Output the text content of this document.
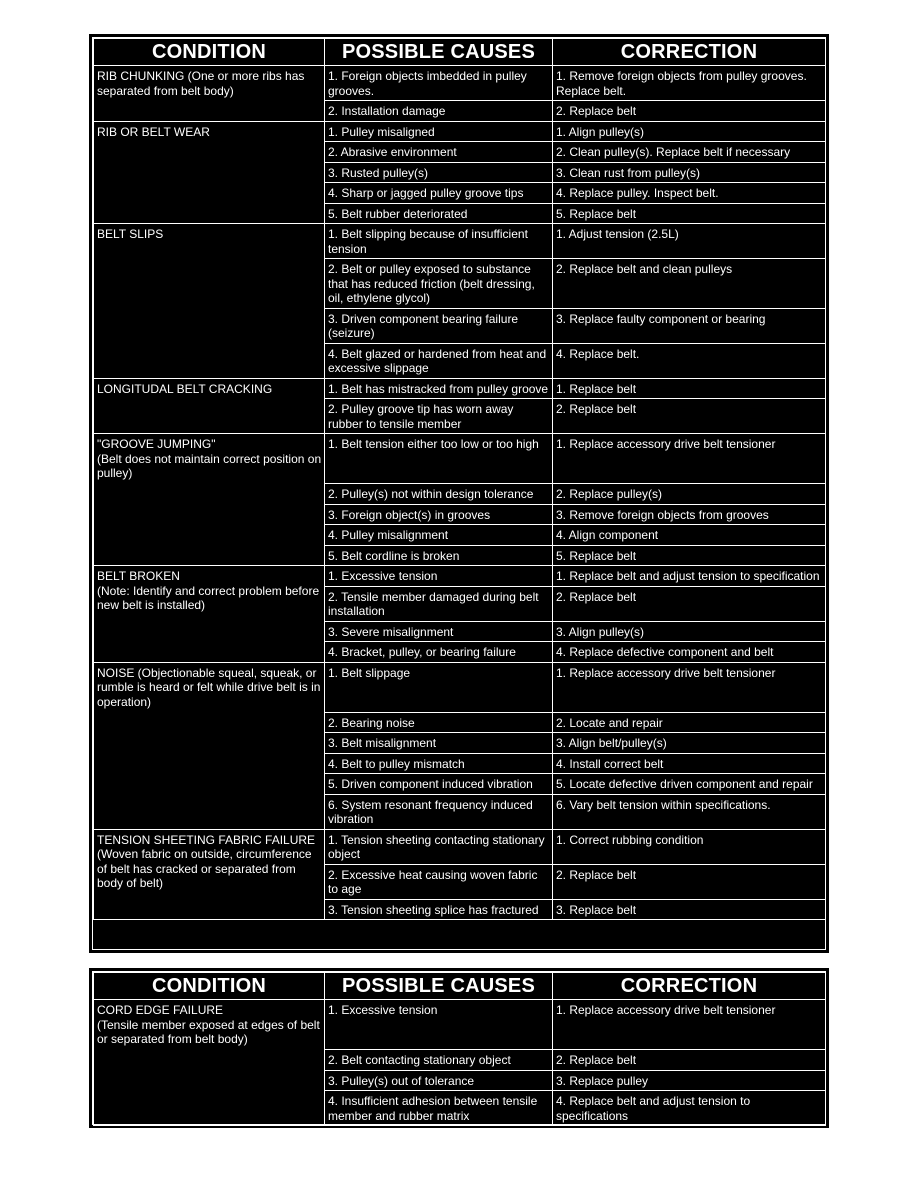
CONDITION	POSSIBLE CAUSES	CORRECTION
RIB CHUNKING (One or more ribs has separated from belt body)	1. Foreign objects imbedded in pulley grooves.	1. Remove foreign objects from pulley grooves. Replace belt.
	2. Installation damage	2. Replace belt
RIB OR BELT WEAR	1. Pulley misaligned	1. Align pulley(s)
	2. Abrasive environment	2. Clean pulley(s). Replace belt if necessary
	3. Rusted pulley(s)	3. Clean rust from pulley(s)
	4. Sharp or jagged pulley groove tips	4. Replace pulley. Inspect belt.
	5. Belt rubber deteriorated	5. Replace belt
BELT SLIPS	1. Belt slipping because of insufficient tension	1. Adjust tension (2.5L)
	2. Belt or pulley exposed to substance that has reduced friction (belt dressing, oil, ethylene glycol)	2. Replace belt and clean pulleys
	3. Driven component bearing failure (seizure)	3. Replace faulty component or bearing
	4. Belt glazed or hardened from heat and excessive slippage	4. Replace belt.
LONGITUDAL BELT CRACKING	1. Belt has mistracked from pulley groove	1. Replace belt
	2. Pulley groove tip has worn away rubber to tensile member	2. Replace belt
"GROOVE JUMPING"
(Belt does not maintain correct position on pulley)	1. Belt tension either too low or too high	1. Replace accessory drive belt tensioner
	2. Pulley(s) not within design tolerance	2. Replace pulley(s)
	3. Foreign object(s) in grooves	3. Remove foreign objects from grooves
	4. Pulley misalignment	4. Align component
	5. Belt cordline is broken	5. Replace belt
BELT BROKEN
(Note: Identify and correct problem before new belt is installed)	1. Excessive tension	1. Replace belt and adjust tension to specification
	2. Tensile member damaged during belt installation	2. Replace belt
	3. Severe misalignment	3. Align pulley(s)
	4. Bracket, pulley, or bearing failure	4. Replace defective component and belt
NOISE (Objectionable squeal, squeak, or rumble is heard or felt while drive belt is in operation)	1. Belt slippage	1. Replace accessory drive belt tensioner
	2. Bearing noise	2. Locate and repair
	3. Belt misalignment	3. Align belt/pulley(s)
	4. Belt to pulley mismatch	4. Install correct belt
	5. Driven component induced vibration	5. Locate defective driven component and repair
	6. System resonant frequency induced vibration	6. Vary belt tension within specifications.
TENSION SHEETING FABRIC FAILURE (Woven fabric on outside, circumference of belt has cracked or separated from body of belt)	1. Tension sheeting contacting stationary object	1. Correct rubbing condition
	2. Excessive heat causing woven fabric to age	2. Replace belt
	3. Tension sheeting splice has fractured	3. Replace belt
CONDITION	POSSIBLE CAUSES	CORRECTION
CORD EDGE FAILURE
(Tensile member exposed at edges of belt or separated from belt body)	1. Excessive tension	1. Replace accessory drive belt tensioner
	2. Belt contacting stationary object	2. Replace belt
	3. Pulley(s) out of tolerance	3. Replace pulley
	4. Insufficient adhesion between tensile member and rubber matrix	4. Replace belt and adjust tension to specifications
